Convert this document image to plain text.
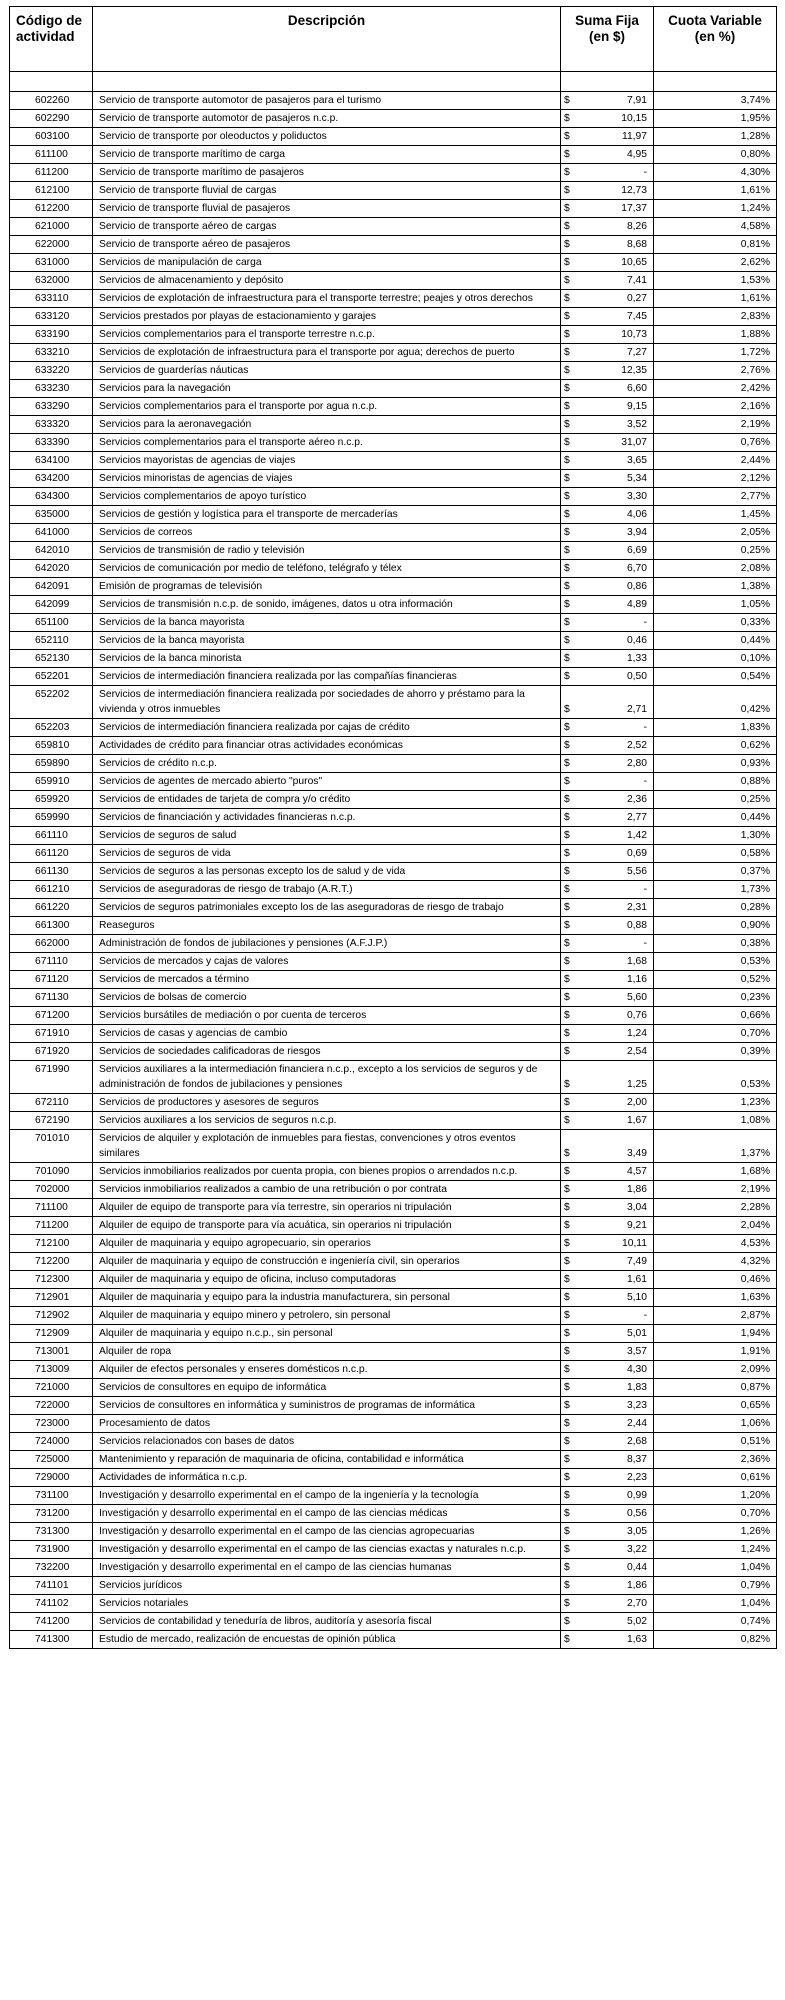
Código de actividad	Descripción	Suma Fija (en $)		Cuota Variable (en %)

602260	Servicio de transporte automotor de pasajeros para el turismo	$	7,91	3,74%
602290	Servicio de transporte automotor de pasajeros n.c.p.	$	10,15	1,95%
603100	Servicio de transporte por oleoductos y poliductos	$	11,97	1,28%
611100	Servicio de transporte marítimo de carga	$	4,95	0,80%
611200	Servicio de transporte marítimo de pasajeros	$	-	4,30%
612100	Servicio de transporte fluvial de cargas	$	12,73	1,61%
612200	Servicio de transporte fluvial de pasajeros	$	17,37	1,24%
621000	Servicio de transporte aéreo de cargas	$	8,26	4,58%
622000	Servicio de transporte aéreo de pasajeros	$	8,68	0,81%
631000	Servicios de manipulación de carga	$	10,65	2,62%
632000	Servicios de almacenamiento y depósito	$	7,41	1,53%
633110	Servicios de explotación de infraestructura para el transporte terrestre; peajes y otros derechos	$	0,27	1,61%
633120	Servicios prestados por playas de estacionamiento y garajes	$	7,45	2,83%
633190	Servicios complementarios para el transporte terrestre n.c.p.	$	10,73	1,88%
633210	Servicios de explotación de infraestructura para el transporte por agua; derechos de puerto	$	7,27	1,72%
633220	Servicios de guarderías náuticas	$	12,35	2,76%
633230	Servicios para la navegación	$	6,60	2,42%
633290	Servicios complementarios para el transporte por agua n.c.p.	$	9,15	2,16%
633320	Servicios para la aeronavegación	$	3,52	2,19%
633390	Servicios complementarios para el transporte aéreo n.c.p.	$	31,07	0,76%
634100	Servicios mayoristas de agencias de viajes	$	3,65	2,44%
634200	Servicios minoristas de agencias de viajes	$	5,34	2,12%
634300	Servicios complementarios de apoyo turístico	$	3,30	2,77%
635000	Servicios de gestión y logística para el transporte de mercaderías	$	4,06	1,45%
641000	Servicios de correos	$	3,94	2,05%
642010	Servicios de transmisión de radio y televisión	$	6,69	0,25%
642020	Servicios de comunicación por medio de teléfono, telégrafo y télex	$	6,70	2,08%
642091	Emisión de programas de televisión	$	0,86	1,38%
642099	Servicios de transmisión n.c.p. de sonido, imágenes, datos u otra información	$	4,89	1,05%
651100	Servicios de la banca mayorista	$	-	0,33%
652110	Servicios de la banca mayorista	$	0,46	0,44%
652130	Servicios de la banca minorista	$	1,33	0,10%
652201	Servicios de intermediación financiera realizada por las compañías financieras	$	0,50	0,54%
652202	Servicios de intermediación financiera realizada por sociedades de ahorro y préstamo para la vivienda y otros inmuebles	$	2,71	0,42%
652203	Servicios de intermediación financiera realizada por cajas de crédito	$	-	1,83%
659810	Actividades de crédito para financiar otras actividades económicas	$	2,52	0,62%
659890	Servicios de crédito n.c.p.	$	2,80	0,93%
659910	Servicios de agentes de mercado abierto "puros"	$	-	0,88%
659920	Servicios de entidades de tarjeta de compra y/o crédito	$	2,36	0,25%
659990	Servicios de financiación y actividades financieras n.c.p.	$	2,77	0,44%
661110	Servicios de seguros de salud	$	1,42	1,30%
661120	Servicios de seguros de vida	$	0,69	0,58%
661130	Servicios de seguros a las personas excepto los de salud y de vida	$	5,56	0,37%
661210	Servicios de aseguradoras de riesgo de trabajo (A.R.T.)	$	-	1,73%
661220	Servicios de seguros patrimoniales excepto los de las aseguradoras de riesgo de trabajo	$	2,31	0,28%
661300	Reaseguros	$	0,88	0,90%
662000	Administración de fondos de jubilaciones y pensiones (A.F.J.P.)	$	-	0,38%
671110	Servicios de mercados y cajas de valores	$	1,68	0,53%
671120	Servicios de mercados a término	$	1,16	0,52%
671130	Servicios de bolsas de comercio	$	5,60	0,23%
671200	Servicios bursátiles de mediación o por cuenta de terceros	$	0,76	0,66%
671910	Servicios de casas y agencias de cambio	$	1,24	0,70%
671920	Servicios de sociedades calificadoras de riesgos	$	2,54	0,39%
671990	Servicios auxiliares a la intermediación financiera n.c.p., excepto a los servicios de seguros y de administración de fondos de jubilaciones y pensiones	$	1,25	0,53%
672110	Servicios de productores y asesores de seguros	$	2,00	1,23%
672190	Servicios auxiliares a los servicios de seguros n.c.p.	$	1,67	1,08%
701010	Servicios de alquiler y explotación de inmuebles para fiestas, convenciones y otros eventos similares	$	3,49	1,37%
701090	Servicios inmobiliarios realizados por cuenta propia, con bienes propios o arrendados n.c.p.	$	4,57	1,68%
702000	Servicios inmobiliarios realizados a cambio de una retribución o por contrata	$	1,86	2,19%
711100	Alquiler de equipo de transporte para vía terrestre, sin operarios ni tripulación	$	3,04	2,28%
711200	Alquiler de equipo de transporte para vía acuática, sin operarios ni tripulación	$	9,21	2,04%
712100	Alquiler de maquinaria y equipo agropecuario, sin operarios	$	10,11	4,53%
712200	Alquiler de maquinaria y equipo de construcción e ingeniería civil, sin operarios	$	7,49	4,32%
712300	Alquiler de maquinaria y equipo de oficina, incluso computadoras	$	1,61	0,46%
712901	Alquiler de maquinaria y equipo para la industria manufacturera, sin personal	$	5,10	1,63%
712902	Alquiler de maquinaria y equipo minero y petrolero, sin personal	$	-	2,87%
712909	Alquiler de maquinaria y equipo n.c.p., sin personal	$	5,01	1,94%
713001	Alquiler de ropa	$	3,57	1,91%
713009	Alquiler de efectos personales y enseres domésticos n.c.p.	$	4,30	2,09%
721000	Servicios de consultores en equipo de informática	$	1,83	0,87%
722000	Servicios de consultores en informática y suministros de programas de informática	$	3,23	0,65%
723000	Procesamiento de datos	$	2,44	1,06%
724000	Servicios relacionados con bases de datos	$	2,68	0,51%
725000	Mantenimiento y reparación de maquinaria de oficina, contabilidad e informática	$	8,37	2,36%
729000	Actividades de informática n.c.p.	$	2,23	0,61%
731100	Investigación y desarrollo experimental en el campo de la ingeniería y la tecnología	$	0,99	1,20%
731200	Investigación y desarrollo experimental en el campo de las ciencias médicas	$	0,56	0,70%
731300	Investigación y desarrollo experimental en el campo de las ciencias agropecuarias	$	3,05	1,26%
731900	Investigación y desarrollo experimental en el campo de las ciencias exactas y naturales n.c.p.	$	3,22	1,24%
732200	Investigación y desarrollo experimental en el campo de las ciencias humanas	$	0,44	1,04%
741101	Servicios jurídicos	$	1,86	0,79%
741102	Servicios notariales	$	2,70	1,04%
741200	Servicios de contabilidad y teneduría de libros, auditoría y asesoría fiscal	$	5,02	0,74%
741300	Estudio de mercado, realización de encuestas de opinión pública	$	1,63	0,82%
